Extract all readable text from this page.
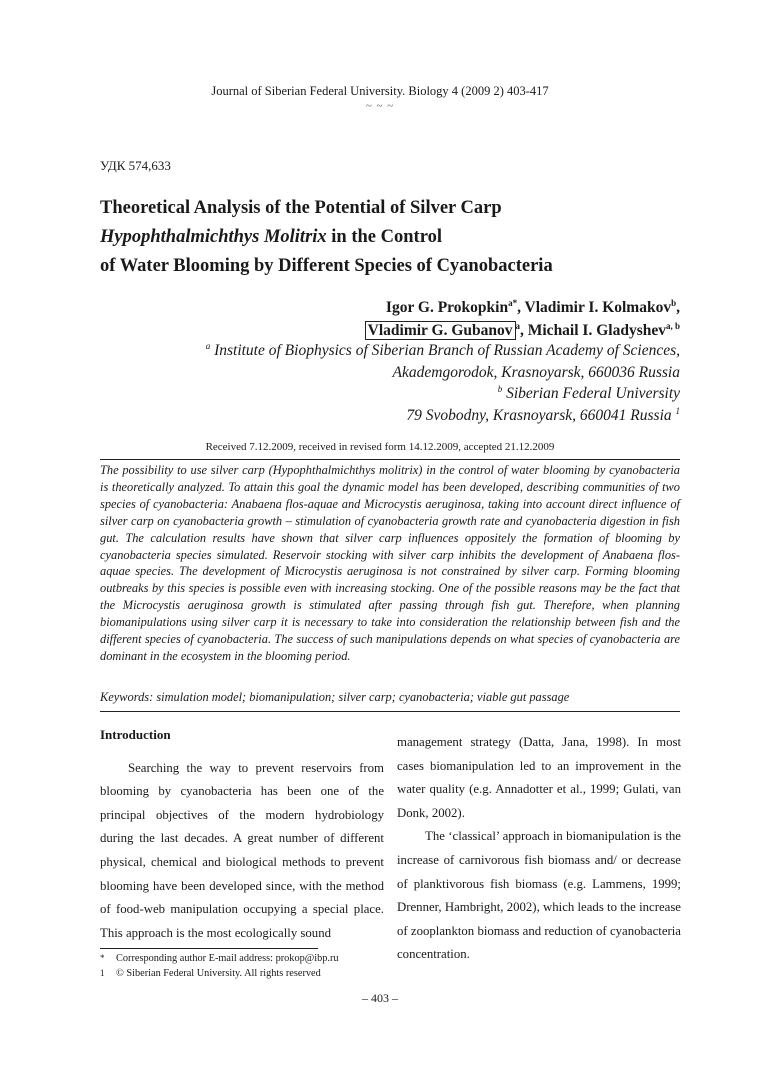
Journal of Siberian Federal University. Biology 4 (2009 2) 403-417
~ ~ ~
УДК 574,633
Theoretical Analysis of the Potential of Silver Carp
Hypophthalmichthys Molitrix in the Control
of Water Blooming by Different Species of Cyanobacteria
Igor G. Prokopkin$^{a*}$, Vladimir I. Kolmakov$^b$,
Vladimir G. Gubanov $^a$, Michail I. Gladyshev$^{a, b}$
$^a$ Institute of Biophysics of Siberian Branch of Russian Academy of Sciences,
Akademgorodok, Krasnoyarsk, 660036 Russia
$^b$ Siberian Federal University
79 Svobodny, Krasnoyarsk, 660041 Russia $^1$
Received 7.12.2009, received in revised form 14.12.2009, accepted 21.12.2009
The possibility to use silver carp (Hypophthalmichthys molitrix) in the control of water blooming by cyanobacteria is theoretically analyzed. To attain this goal the dynamic model has been developed, describing communities of two species of cyanobacteria: Anabaena flos-aquae and Microcystis aeruginosa, taking into account direct influence of silver carp on cyanobacteria growth – stimulation of cyanobacteria growth rate and cyanobacteria digestion in fish gut. The calculation results have shown that silver carp influences oppositely the formation of blooming by cyanobacteria species simulated. Reservoir stocking with silver carp inhibits the development of Anabaena flos-aquae species. The development of Microcystis aeruginosa is not constrained by silver carp. Forming blooming outbreaks by this species is possible even with increasing stocking. One of the possible reasons may be the fact that the Microcystis aeruginosa growth is stimulated after passing through fish gut. Therefore, when planning biomanipulations using silver carp it is necessary to take into consideration the relationship between fish and the different species of cyanobacteria. The success of such manipulations depends on what species of cyanobacteria are dominant in the ecosystem in the blooming period.
Keywords: simulation model; biomanipulation; silver carp; cyanobacteria; viable gut passage

Introduction

Searching the way to prevent reservoirs from blooming by cyanobacteria has been one of the principal objectives of the modern hydrobiology during the last decades. A great number of different physical, chemical and biological methods to prevent blooming have been developed since, with the method of food-web manipulation occupying a special place. This approach is the most ecologically sound

management strategy (Datta, Jana, 1998). In most cases biomanipulation led to an improvement in the water quality (e.g. Annadotter et al., 1999; Gulati, van Donk, 2002).

The ‘classical’ approach in biomanipulation is the increase of carnivorous fish biomass and/ or decrease of planktivorous fish biomass (e.g. Lammens, 1999; Drenner, Hambright, 2002), which leads to the increase of zooplankton biomass and reduction of cyanobacteria concentration.

*	Corresponding author E-mail address: prokop@ibp.ru
1	© Siberian Federal University. All rights reserved
– 403 –
